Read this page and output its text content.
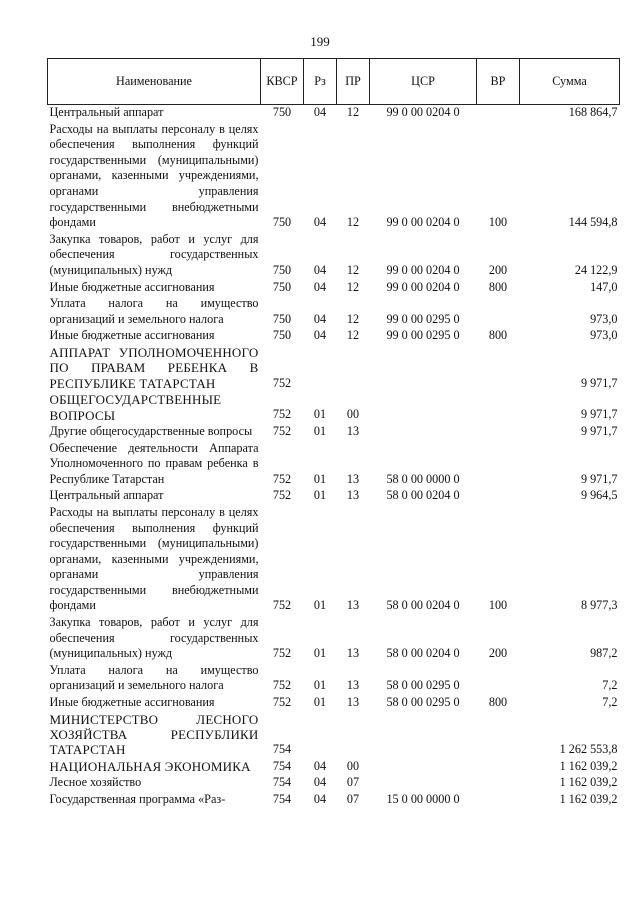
199
Наименование	КВСР	Рз	ПР	ЦСР	ВР	Сумма
Центральный аппарат	750	04	12	99 0 00 0204 0		168 864,7
Расходы на выплаты персоналу в целях обеспечения выполнения функций государственными (муниципальными) органами, казенными учреждениями, органами управления государственными внебюджетными фондами	750	04	12	99 0 00 0204 0	100	144 594,8
Закупка товаров, работ и услуг для обеспечения государственных (муниципальных) нужд	750	04	12	99 0 00 0204 0	200	24 122,9
Иные бюджетные ассигнования	750	04	12	99 0 00 0204 0	800	147,0
Уплата налога на имущество организаций и земельного налога	750	04	12	99 0 00 0295 0		973,0
Иные бюджетные ассигнования	750	04	12	99 0 00 0295 0	800	973,0
АППАРАТ УПОЛНОМОЧЕННОГО ПО ПРАВАМ РЕБЕНКА В РЕСПУБЛИКЕ ТАТАРСТАН	752					9 971,7
ОБЩЕГОСУДАРСТВЕННЫЕ ВОПРОСЫ	752	01	00			9 971,7
Другие общегосударственные вопросы	752	01	13			9 971,7
Обеспечение деятельности Аппарата Уполномоченного по правам ребенка в Республике Татарстан	752	01	13	58 0 00 0000 0		9 971,7
Центральный аппарат	752	01	13	58 0 00 0204 0		9 964,5
Расходы на выплаты персоналу в целях обеспечения выполнения функций государственными (муниципальными) органами, казенными учреждениями, органами управления государственными внебюджетными фондами	752	01	13	58 0 00 0204 0	100	8 977,3
Закупка товаров, работ и услуг для обеспечения государственных (муниципальных) нужд	752	01	13	58 0 00 0204 0	200	987,2
Уплата налога на имущество организаций и земельного налога	752	01	13	58 0 00 0295 0		7,2
Иные бюджетные ассигнования	752	01	13	58 0 00 0295 0	800	7,2
МИНИСТЕРСТВО ЛЕСНОГО ХОЗЯЙСТВА РЕСПУБЛИКИ ТАТАРСТАН	754					1 262 553,8
НАЦИОНАЛЬНАЯ ЭКОНОМИКА	754	04	00			1 162 039,2
Лесное хозяйство	754	04	07			1 162 039,2
Государственная программа «Раз-	754	04	07	15 0 00 0000 0		1 162 039,2
